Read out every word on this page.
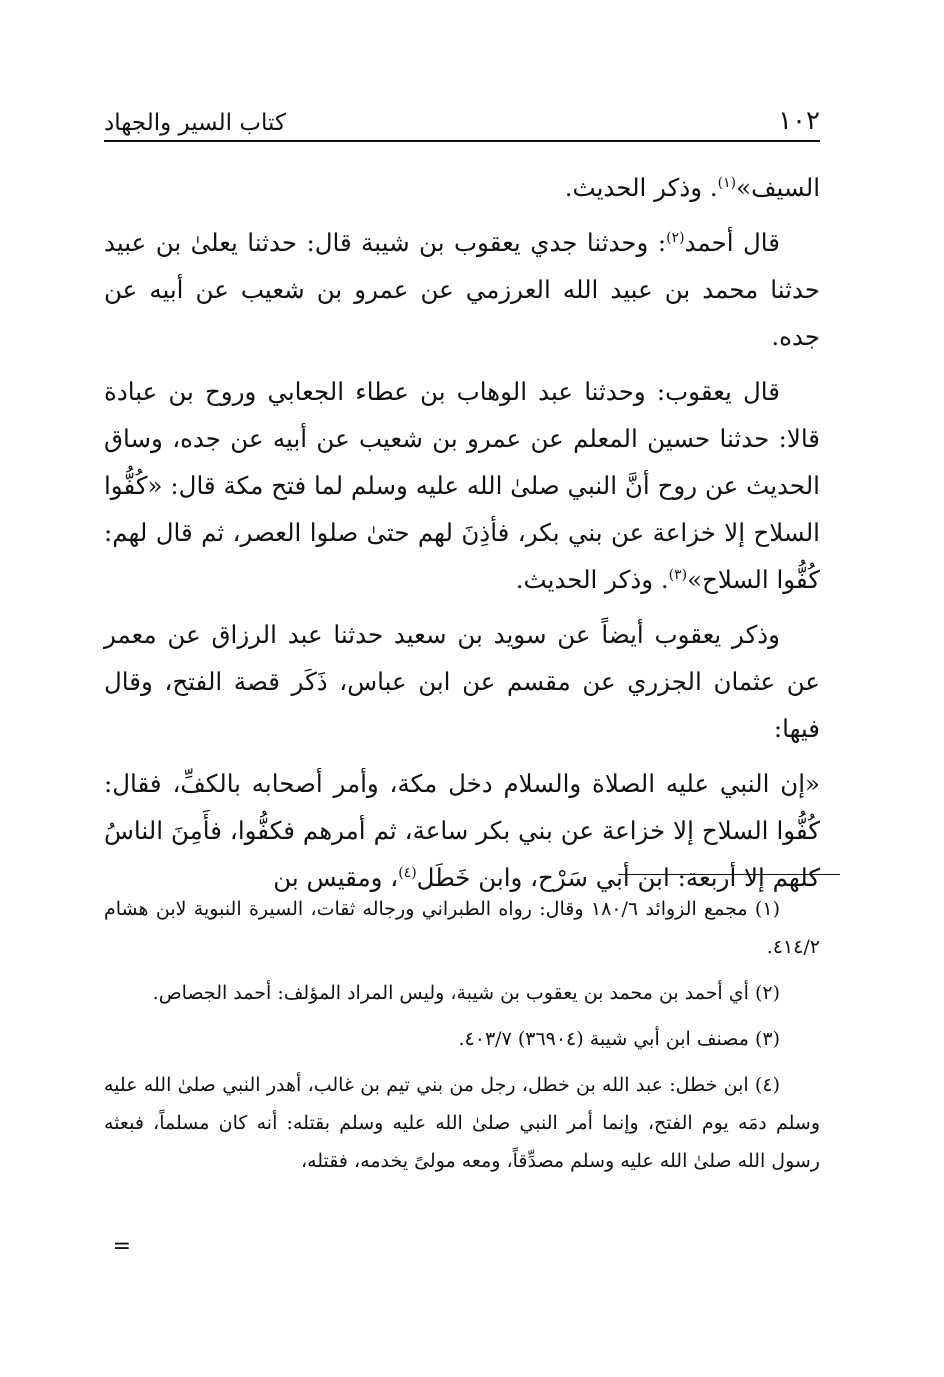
١٠٢
كتاب السير والجهاد

السيف»$^{(١)}$. وذكر الحديث.

قال أحمد$^{(٢)}$: وحدثنا جدي يعقوب بن شيبة قال: حدثنا يعلىٰ بن عبيد حدثنا محمد بن عبيد الله العرزمي عن عمرو بن شعيب عن أبيه عن جده.

قال يعقوب: وحدثنا عبد الوهاب بن عطاء الجعابي وروح بن عبادة قالا: حدثنا حسين المعلم عن عمرو بن شعيب عن أبيه عن جده، وساق الحديث عن روح أنَّ النبي صلىٰ الله عليه وسلم لما فتح مكة قال: «كُفُّوا السلاح إلا خزاعة عن بني بكر، فأذِنَ لهم حتىٰ صلوا العصر، ثم قال لهم: كُفُّوا السلاح»$^{(٣)}$. وذكر الحديث.

وذكر يعقوب أيضاً عن سويد بن سعيد حدثنا عبد الرزاق عن معمر عن عثمان الجزري عن مقسم عن ابن عباس، ذَكَر قصة الفتح، وقال فيها:

«إن النبي عليه الصلاة والسلام دخل مكة، وأمر أصحابه بالكفِّ، فقال: كُفُّوا السلاح إلا خزاعة عن بني بكر ساعة، ثم أمرهم فكفُّوا، فأَمِنَ الناسُ كلهم إلا أربعة: ابن أبي سَرْح، وابن خَطَل$^{(٤)}$، ومقيس بن

(١) مجمع الزوائد ١٨٠/٦ وقال: رواه الطبراني ورجاله ثقات، السيرة النبوية لابن هشام ٤١٤/٢.

(٢) أي أحمد بن محمد بن يعقوب بن شيبة، وليس المراد المؤلف: أحمد الجصاص.

(٣) مصنف ابن أبي شيبة (٣٦٩٠٤) ٤٠٣/٧.

(٤) ابن خطل: عبد الله بن خطل، رجل من بني تيم بن غالب، أهدر النبي صلىٰ الله عليه وسلم دمَه يوم الفتح، وإنما أمر النبي صلىٰ الله عليه وسلم بقتله: أنه كان مسلماً، فبعثه رسول الله صلىٰ الله عليه وسلم مصدِّقاً، ومعه مولىً يخدمه، فقتله،

=
